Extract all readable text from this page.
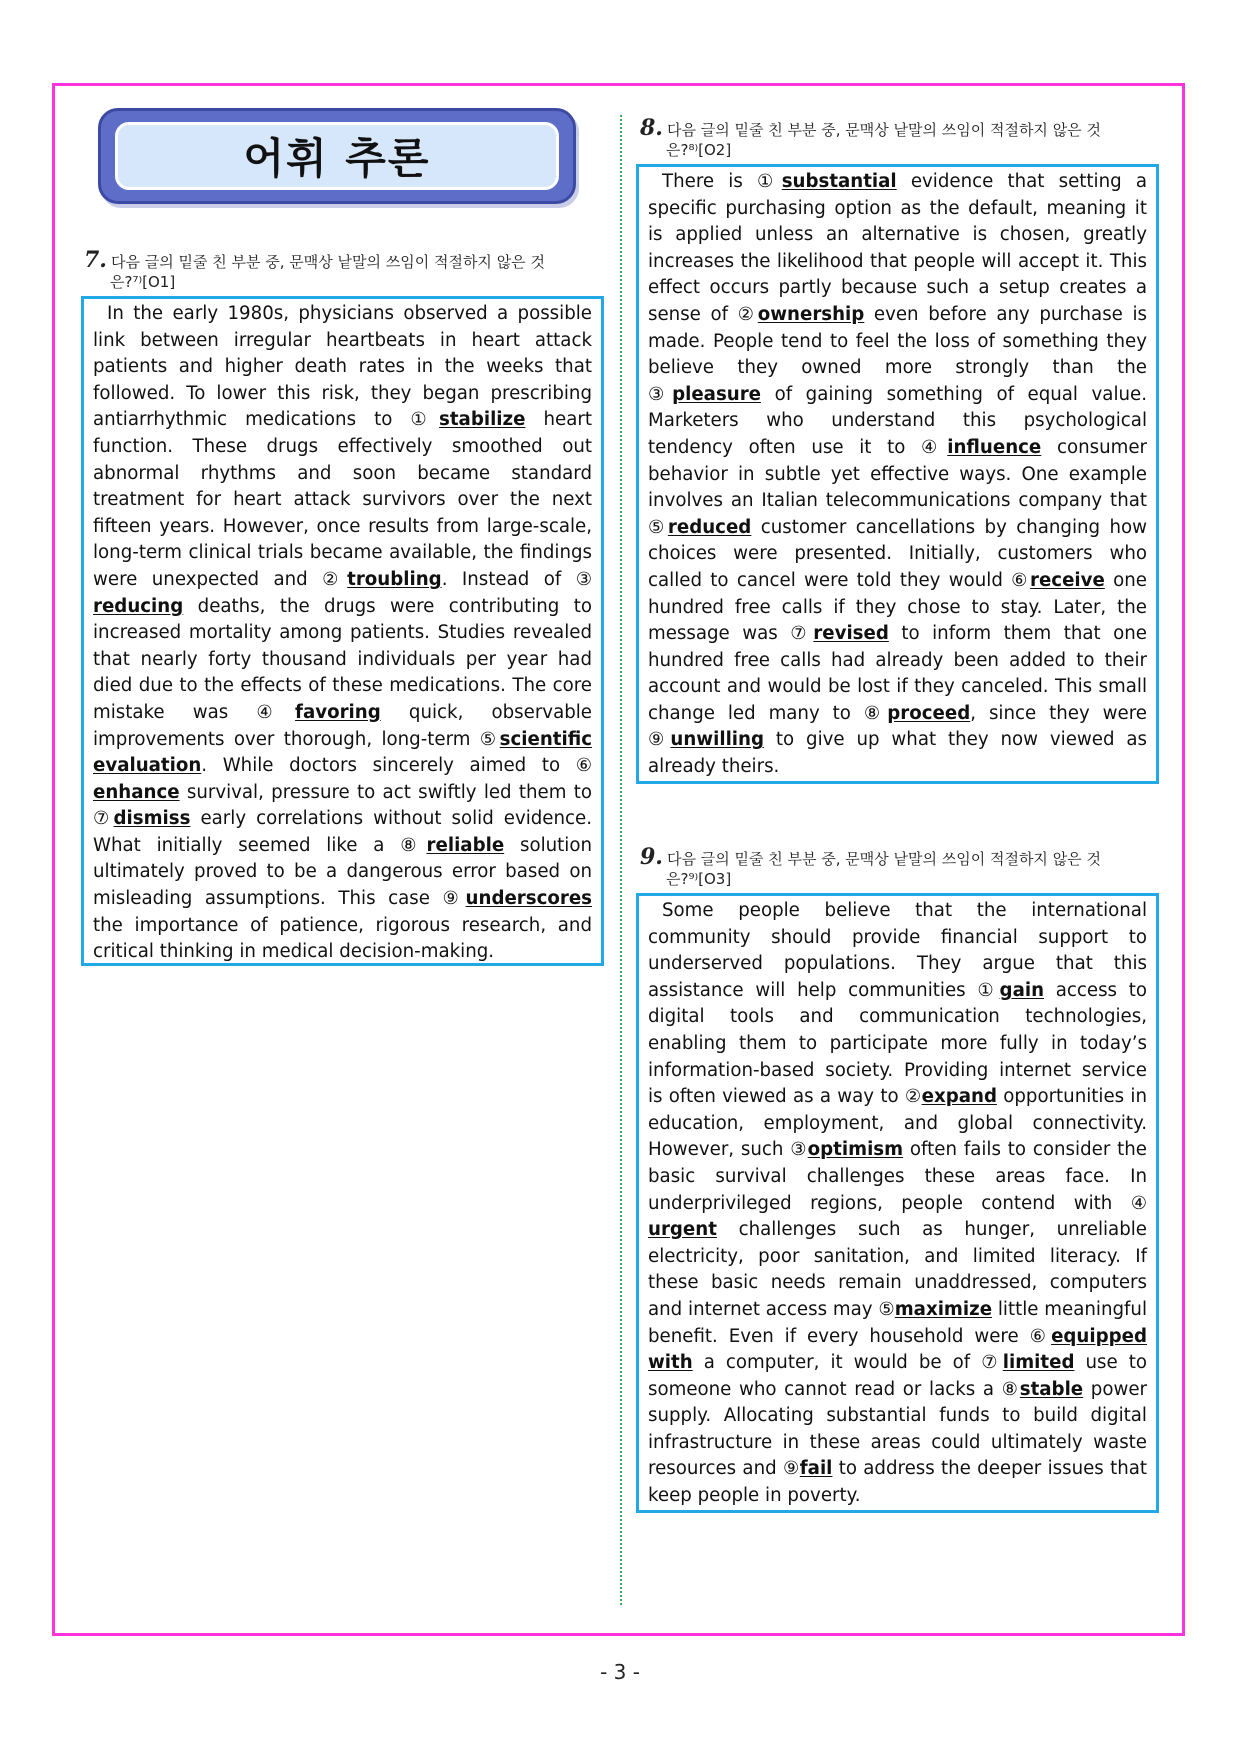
어휘 추론
7. 다음 글의 밑줄 친 부분 중, 문맥상 낱말의 쓰임이 적절하지 않은 것
은?⁷⁾[O1]

In the early 1980s, physicians observed a possible link between irregular heartbeats in heart attack patients and higher death rates in the weeks that followed. To lower this risk, they began prescribing antiarrhythmic medications to ①stabilize heart function. These drugs effectively smoothed out abnormal rhythms and soon became standard treatment for heart attack survivors over the next fifteen years. However, once results from large-scale, long-term clinical trials became available, the findings were unexpected and ②troubling. Instead of ③ reducing deaths, the drugs were contributing to increased mortality among patients. Studies revealed that nearly forty thousand individuals per year had died due to the effects of these medications. The core mistake was ④favoring quick, observable improvements over thorough, long-term ⑤scientific evaluation. While doctors sincerely aimed to ⑥ enhance survival, pressure to act swiftly led them to ⑦dismiss early correlations without solid evidence. What initially seemed like a ⑧reliable solution ultimately proved to be a dangerous error based on misleading assumptions. This case ⑨underscores the importance of patience, rigorous research, and critical thinking in medical decision-making.

8. 다음 글의 밑줄 친 부분 중, 문맥상 낱말의 쓰임이 적절하지 않은 것
은?⁸⁾[O2]

There is ①substantial evidence that setting a specific purchasing option as the default, meaning it is applied unless an alternative is chosen, greatly increases the likelihood that people will accept it. This effect occurs partly because such a setup creates a sense of ②ownership even before any purchase is made. People tend to feel the loss of something they believe they owned more strongly than the ③pleasure of gaining something of equal value. Marketers who understand this psychological tendency often use it to ④influence consumer behavior in subtle yet effective ways. One example involves an Italian telecommunications company that ⑤reduced customer cancellations by changing how choices were presented. Initially, customers who called to cancel were told they would ⑥receive one hundred free calls if they chose to stay. Later, the message was ⑦revised to inform them that one hundred free calls had already been added to their account and would be lost if they canceled. This small change led many to ⑧proceed, since they were ⑨unwilling to give up what they now viewed as already theirs.

9. 다음 글의 밑줄 친 부분 중, 문맥상 낱말의 쓰임이 적절하지 않은 것
은?⁹⁾[O3]

Some people believe that the international community should provide financial support to underserved populations. They argue that this assistance will help communities ①gain access to digital tools and communication technologies, enabling them to participate more fully in today’s information-based society. Providing internet service is often viewed as a way to ②expand opportunities in education, employment, and global connectivity. However, such ③optimism often fails to consider the basic survival challenges these areas face. In underprivileged regions, people contend with ④ urgent challenges such as hunger, unreliable electricity, poor sanitation, and limited literacy. If these basic needs remain unaddressed, computers and internet access may ⑤maximize little meaningful benefit. Even if every household were ⑥equipped with a computer, it would be of ⑦limited use to someone who cannot read or lacks a ⑧stable power supply. Allocating substantial funds to build digital infrastructure in these areas could ultimately waste resources and ⑨fail to address the deeper issues that keep people in poverty.

- 3 -
